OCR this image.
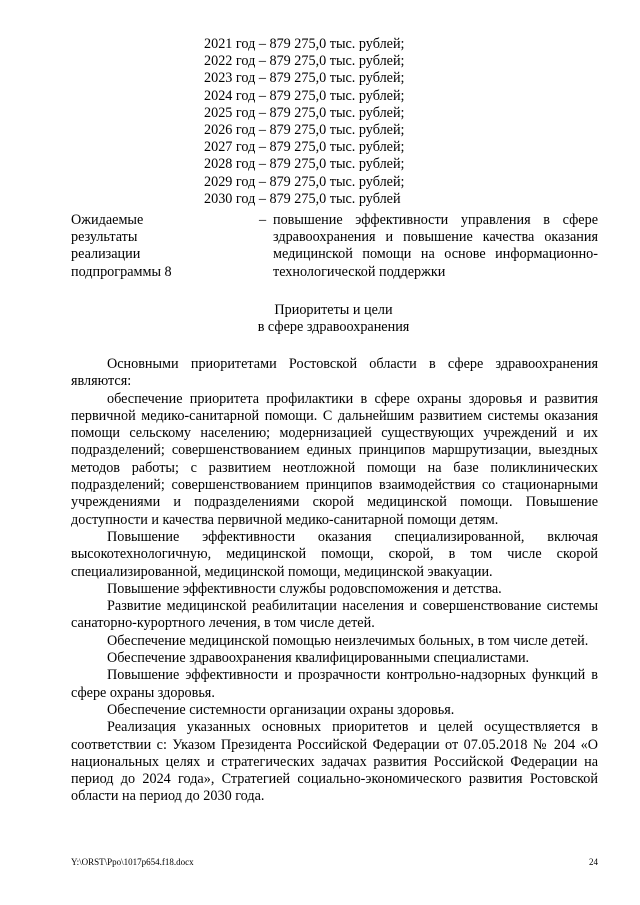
2021 год – 879 275,0 тыс. рублей;
2022 год – 879 275,0 тыс. рублей;
2023 год – 879 275,0 тыс. рублей;
2024 год – 879 275,0 тыс. рублей;
2025 год – 879 275,0 тыс. рублей;
2026 год – 879 275,0 тыс. рублей;
2027 год – 879 275,0 тыс. рублей;
2028 год – 879 275,0 тыс. рублей;
2029 год – 879 275,0 тыс. рублей;
2030 год – 879 275,0 тыс. рублей
Ожидаемые результаты реализации подпрограммы 8
– повышение эффективности управления в сфере здравоохранения и повышение качества оказания медицинской помощи на основе информационно-технологической поддержки
Приоритеты и цели
в сфере здравоохранения

Основными приоритетами Ростовской области в сфере здравоохранения являются:

обеспечение приоритета профилактики в сфере охраны здоровья и развития первичной медико-санитарной помощи. С дальнейшим развитием системы оказания помощи сельскому населению; модернизацией существующих учреждений и их подразделений; совершенствованием единых принципов маршрутизации, выездных методов работы; с развитием неотложной помощи на базе поликлинических подразделений; совершенствованием принципов взаимодействия со стационарными учреждениями и подразделениями скорой медицинской помощи. Повышение доступности и качества первичной медико-санитарной помощи детям.

Повышение эффективности оказания специализированной, включая высокотехнологичную, медицинской помощи, скорой, в том числе скорой специализированной, медицинской помощи, медицинской эвакуации.

Повышение эффективности службы родовспоможения и детства.

Развитие медицинской реабилитации населения и совершенствование системы санаторно-курортного лечения, в том числе детей.

Обеспечение медицинской помощью неизлечимых больных, в том числе детей.

Обеспечение здравоохранения квалифицированными специалистами.

Повышение эффективности и прозрачности контрольно-надзорных функций в сфере охраны здоровья.

Обеспечение системности организации охраны здоровья.

Реализация указанных основных приоритетов и целей осуществляется в соответствии с: Указом Президента Российской Федерации от 07.05.2018 № 204 «О национальных целях и стратегических задачах развития Российской Федерации на период до 2024 года», Стратегией социально-экономического развития Ростовской области на период до 2030 года.

Y:\ORST\Ppo\1017p654.f18.docx	24
